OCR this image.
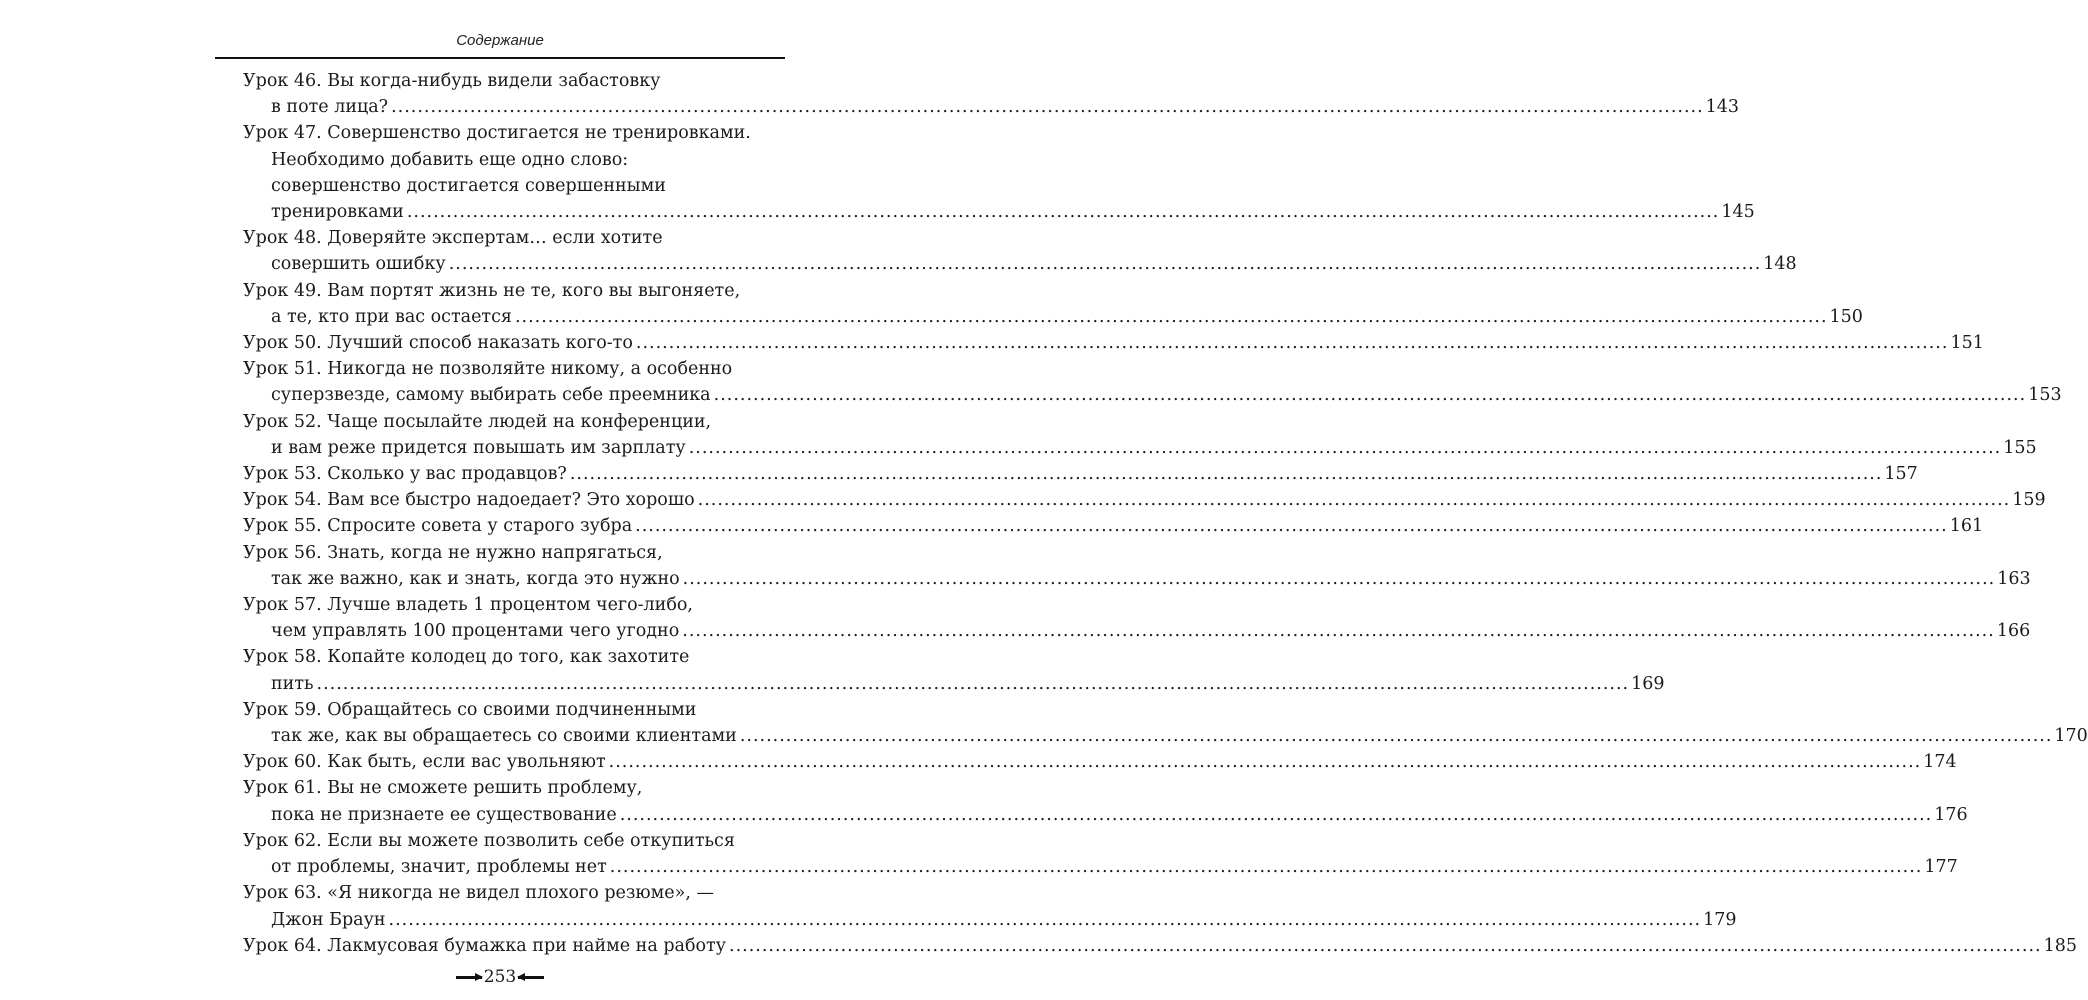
Содержание
Урок 46. Вы когда-нибудь видели забастовку
в поте лица? ........................................................................................................................................................................................................ 143
Урок 47. Совершенство достигается не тренировками.
Необходимо добавить еще одно слово:
совершенство достигается совершенными
тренировками ........................................................................................................................................................................................................ 145
Урок 48. Доверяйте экспертам… если хотите
совершить ошибку ........................................................................................................................................................................................................ 148
Урок 49. Вам портят жизнь не те, кого вы выгоняете,
а те, кто при вас остается ........................................................................................................................................................................................................ 150
Урок 50. Лучший способ наказать кого-то ........................................................................................................................................................................................................ 151
Урок 51. Никогда не позволяйте никому, а особенно
суперзвезде, самому выбирать себе преемника ........................................................................................................................................................................................................ 153
Урок 52. Чаще посылайте людей на конференции,
и вам реже придется повышать им зарплату ........................................................................................................................................................................................................ 155
Урок 53. Сколько у вас продавцов? ........................................................................................................................................................................................................ 157
Урок 54. Вам все быстро надоедает? Это хорошо ........................................................................................................................................................................................................ 159
Урок 55. Спросите совета у старого зубра ........................................................................................................................................................................................................ 161
Урок 56. Знать, когда не нужно напрягаться,
так же важно, как и знать, когда это нужно ........................................................................................................................................................................................................ 163
Урок 57. Лучше владеть 1 процентом чего-либо,
чем управлять 100 процентами чего угодно ........................................................................................................................................................................................................ 166
Урок 58. Копайте колодец до того, как захотите
пить ........................................................................................................................................................................................................ 169
Урок 59. Обращайтесь со своими подчиненными
так же, как вы обращаетесь со своими клиентами ........................................................................................................................................................................................................ 170
Урок 60. Как быть, если вас увольняют ........................................................................................................................................................................................................ 174
Урок 61. Вы не сможете решить проблему,
пока не признаете ее существование ........................................................................................................................................................................................................ 176
Урок 62. Если вы можете позволить себе откупиться
от проблемы, значит, проблемы нет ........................................................................................................................................................................................................ 177
Урок 63. «Я никогда не видел плохого резюме», —
Джон Браун ........................................................................................................................................................................................................ 179
Урок 64. Лакмусовая бумажка при найме на работу ........................................................................................................................................................................................................ 185
253
